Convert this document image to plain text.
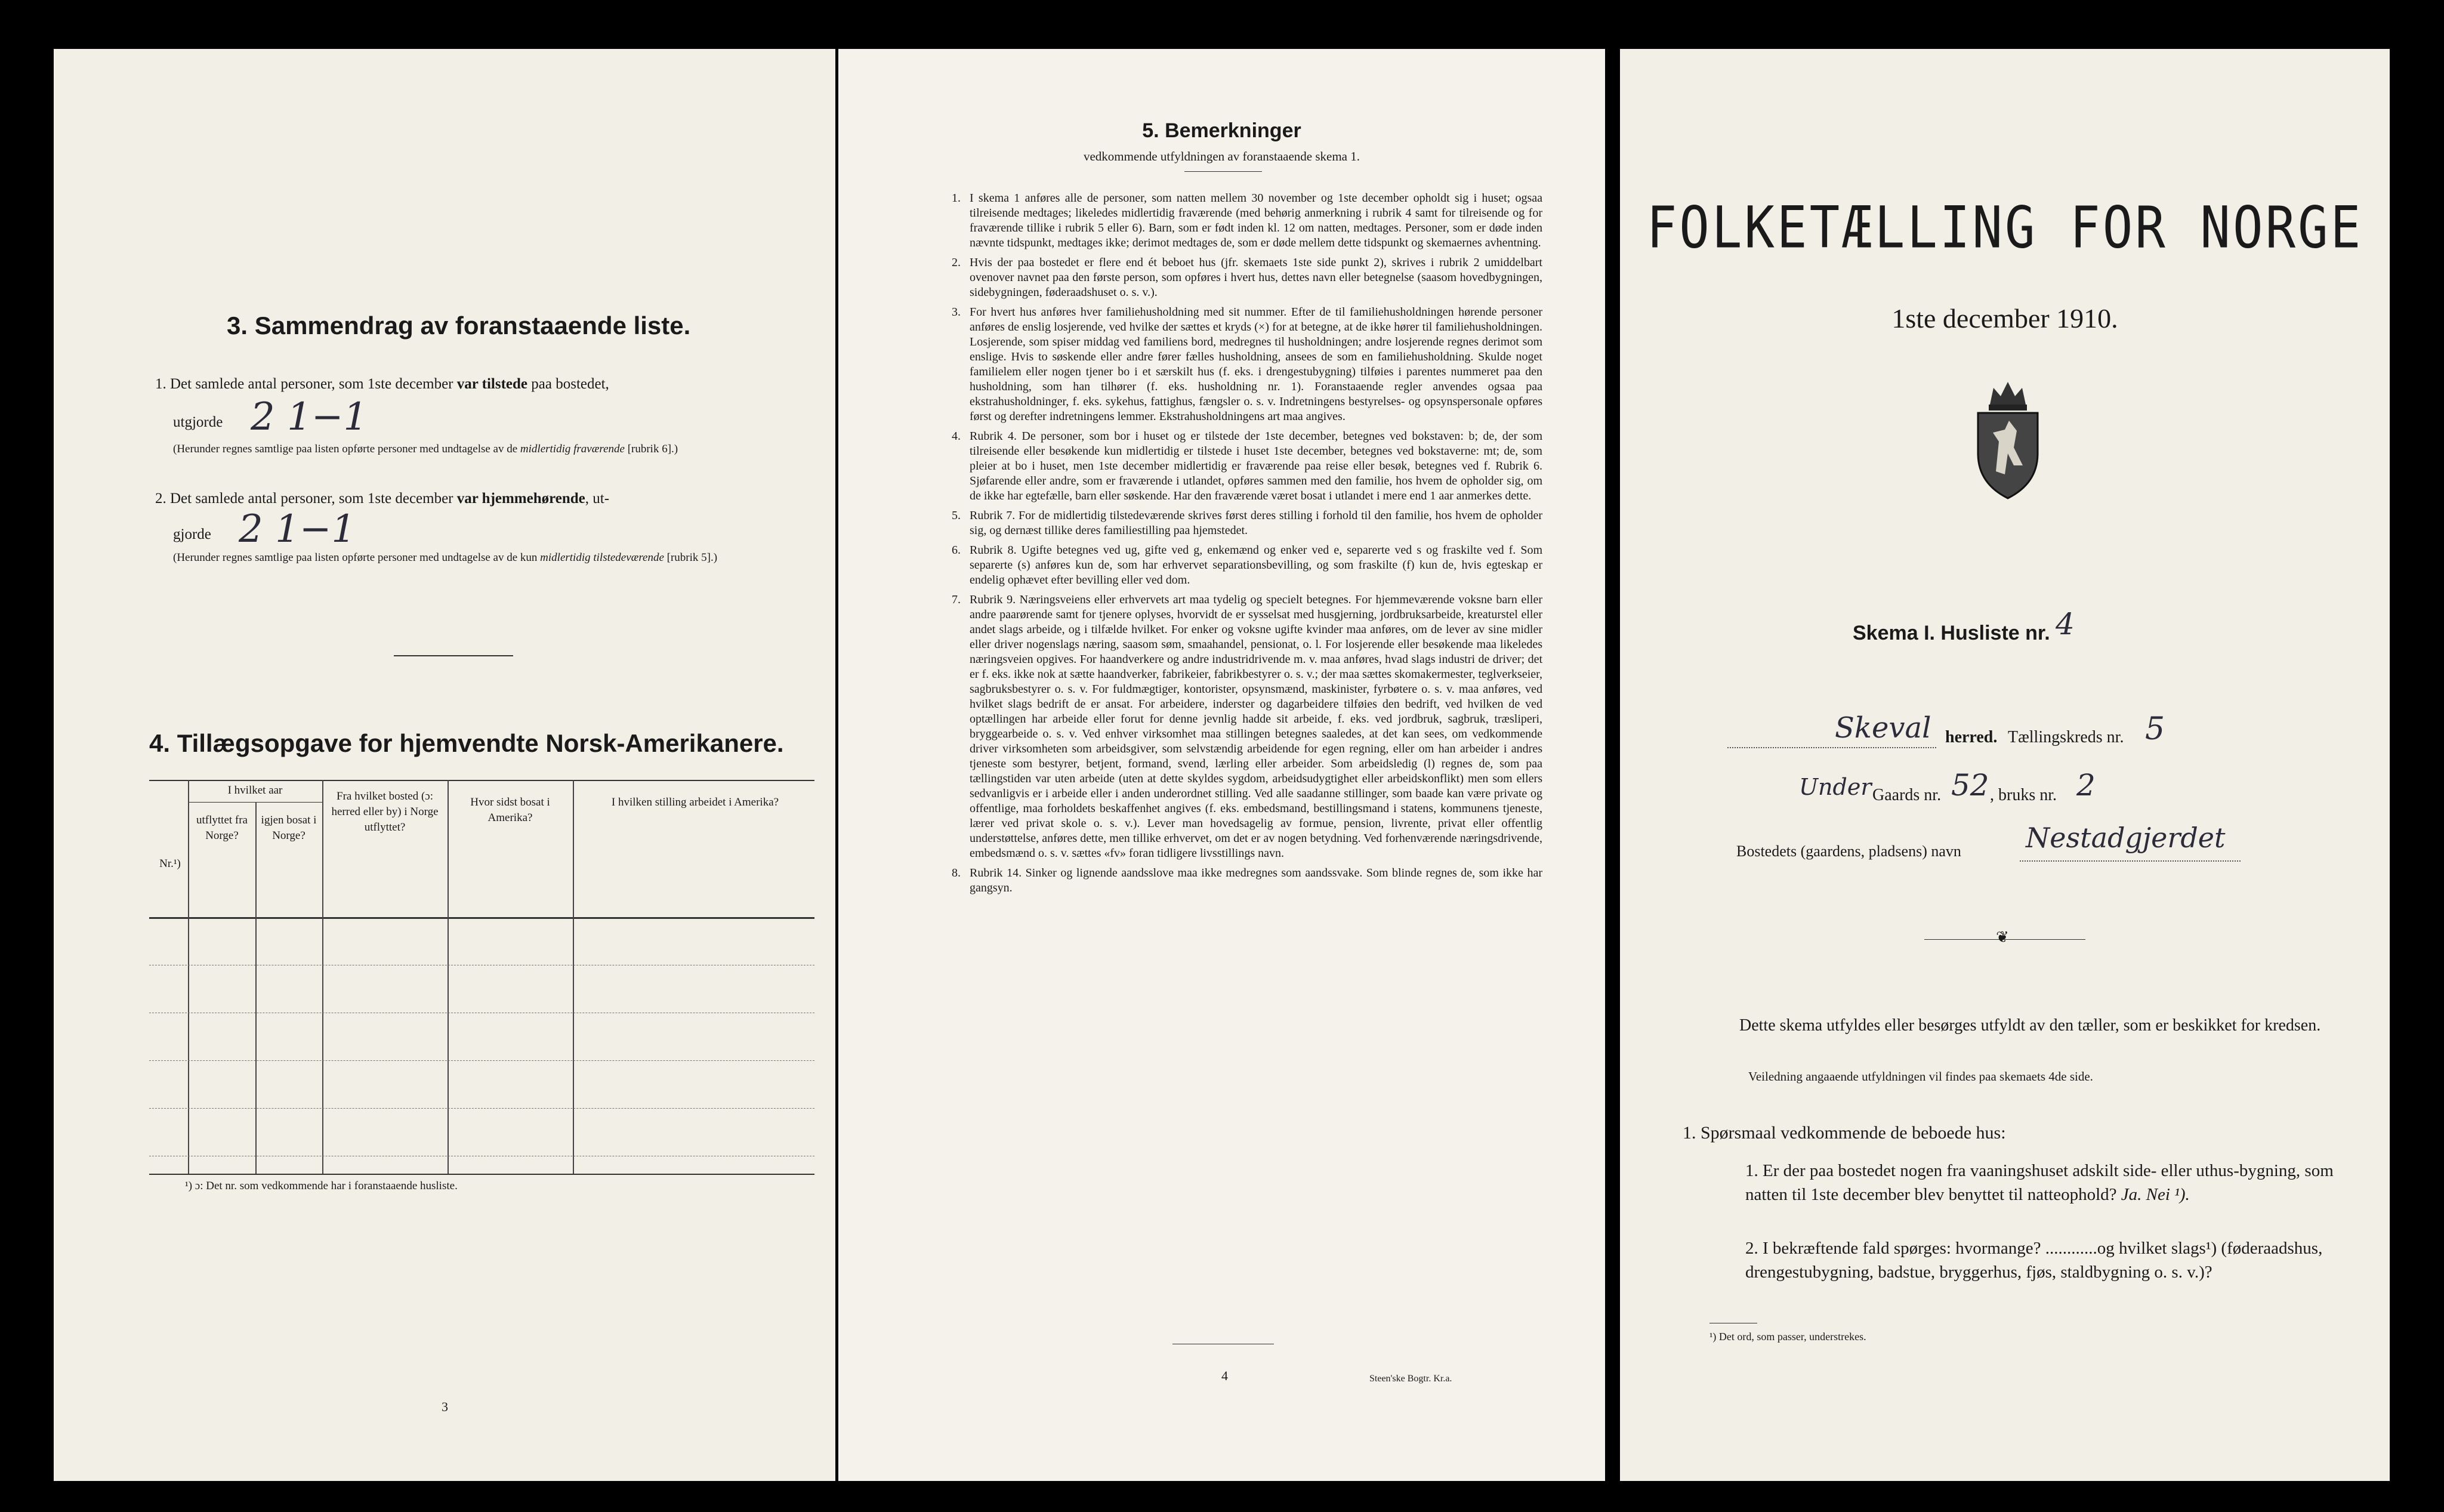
3. Sammendrag av foranstaaende liste.
1. Det samlede antal personer, som 1ste december var tilstede paa bostedet,
utgjorde 2 1−1
(Herunder regnes samtlige paa listen opførte personer med undtagelse av de midlertidig fraværende [rubrik 6].)
2. Det samlede antal personer, som 1ste december var hjemmehørende, ut-
gjorde 2 1−1
(Herunder regnes samtlige paa listen opførte personer med undtagelse av de kun midlertidig tilstedeværende [rubrik 5].)
4. Tillægsopgave for hjemvendte Norsk-Amerikanere.
Nr.¹)
I hvilket aar
utflyttet fra Norge?
igjen bosat i Norge?
Fra hvilket bosted (ɔ: herred eller by) i Norge utflyttet?
Hvor sidst bosat i Amerika?
I hvilken stilling arbeidet i Amerika?
¹) ɔ: Det nr. som vedkommende har i foranstaaende husliste.
3
5. Bemerkninger
vedkommende utfyldningen av foranstaaende skema 1.
1. I skema 1 anføres alle de personer, som natten mellem 30 november og 1ste december opholdt sig i huset; ogsaa tilreisende medtages; likeledes midlertidig fraværende (med behørig anmerkning i rubrik 4 samt for tilreisende og for fraværende tillike i rubrik 5 eller 6). Barn, som er født inden kl. 12 om natten, medtages. Personer, som er døde inden nævnte tidspunkt, medtages ikke; derimot medtages de, som er døde mellem dette tidspunkt og skemaernes avhentning.
2. Hvis der paa bostedet er flere end ét beboet hus (jfr. skemaets 1ste side punkt 2), skrives i rubrik 2 umiddelbart ovenover navnet paa den første person, som opføres i hvert hus, dettes navn eller betegnelse (saasom hovedbygningen, sidebygningen, føderaadshuset o. s. v.).
3. For hvert hus anføres hver familiehusholdning med sit nummer. Efter de til familiehusholdningen hørende personer anføres de enslig losjerende, ved hvilke der sættes et kryds (×) for at betegne, at de ikke hører til familiehusholdningen. Losjerende, som spiser middag ved familiens bord, medregnes til husholdningen; andre losjerende regnes derimot som enslige. Hvis to søskende eller andre fører fælles husholdning, ansees de som en familiehusholdning. Skulde noget familielem eller nogen tjener bo i et særskilt hus (f. eks. i drengestubygning) tilføies i parentes nummeret paa den husholdning, som han tilhører (f. eks. husholdning nr. 1). Foranstaaende regler anvendes ogsaa paa ekstrahusholdninger, f. eks. sykehus, fattighus, fængsler o. s. v. Indretningens bestyrelses- og opsynspersonale opføres først og derefter indretningens lemmer. Ekstrahusholdningens art maa angives.
4. Rubrik 4. De personer, som bor i huset og er tilstede der 1ste december, betegnes ved bokstaven: b; de, der som tilreisende eller besøkende kun midlertidig er tilstede i huset 1ste december, betegnes ved bokstaverne: mt; de, som pleier at bo i huset, men 1ste december midlertidig er fraværende paa reise eller besøk, betegnes ved f. Rubrik 6. Sjøfarende eller andre, som er fraværende i utlandet, opføres sammen med den familie, hos hvem de opholder sig, om de ikke har egtefælle, barn eller søskende. Har den fraværende været bosat i utlandet i mere end 1 aar anmerkes dette.
5. Rubrik 7. For de midlertidig tilstedeværende skrives først deres stilling i forhold til den familie, hos hvem de opholder sig, og dernæst tillike deres familiestilling paa hjemstedet.
6. Rubrik 8. Ugifte betegnes ved ug, gifte ved g, enkemænd og enker ved e, separerte ved s og fraskilte ved f. Som separerte (s) anføres kun de, som har erhvervet separationsbevilling, og som fraskilte (f) kun de, hvis egteskap er endelig ophævet efter bevilling eller ved dom.
7. Rubrik 9. Næringsveiens eller erhvervets art maa tydelig og specielt betegnes. For hjemmeværende voksne barn eller andre paarørende samt for tjenere oplyses, hvorvidt de er sysselsat med husgjerning, jordbruksarbeide, kreaturstel eller andet slags arbeide, og i tilfælde hvilket. For enker og voksne ugifte kvinder maa anføres, om de lever av sine midler eller driver nogenslags næring, saasom søm, smaahandel, pensionat, o. l. For losjerende eller besøkende maa likeledes næringsveien opgives. For haandverkere og andre industridrivende m. v. maa anføres, hvad slags industri de driver; det er f. eks. ikke nok at sætte haandverker, fabrikeier, fabrikbestyrer o. s. v.; der maa sættes skomakermester, teglverkseier, sagbruksbestyrer o. s. v. For fuldmægtiger, kontorister, opsynsmænd, maskinister, fyrbøtere o. s. v. maa anføres, ved hvilket slags bedrift de er ansat. For arbeidere, inderster og dagarbeidere tilføies den bedrift, ved hvilken de ved optællingen har arbeide eller forut for denne jevnlig hadde sit arbeide, f. eks. ved jordbruk, sagbruk, træsliperi, bryggearbeide o. s. v. Ved enhver virksomhet maa stillingen betegnes saaledes, at det kan sees, om vedkommende driver virksomheten som arbeidsgiver, som selvstændig arbeidende for egen regning, eller om han arbeider i andres tjeneste som bestyrer, betjent, formand, svend, lærling eller arbeider. Som arbeidsledig (l) regnes de, som paa tællingstiden var uten arbeide (uten at dette skyldes sygdom, arbeidsudygtighet eller arbeidskonflikt) men som ellers sedvanligvis er i arbeide eller i anden underordnet stilling. Ved alle saadanne stillinger, som baade kan være private og offentlige, maa forholdets beskaffenhet angives (f. eks. embedsmand, bestillingsmand i statens, kommunens tjeneste, lærer ved privat skole o. s. v.). Lever man hovedsagelig av formue, pension, livrente, privat eller offentlig understøttelse, anføres dette, men tillike erhvervet, om det er av nogen betydning. Ved forhenværende næringsdrivende, embedsmænd o. s. v. sættes «fv» foran tidligere livsstillings navn.
8. Rubrik 14. Sinker og lignende aandsslove maa ikke medregnes som aandssvake. Som blinde regnes de, som ikke har gangsyn.
4	Steen'ske Bogtr. Kr.a.
FOLKETÆLLING FOR NORGE
1ste december 1910.
Skema I. Husliste nr. 4
Skeval herred. Tællingskreds nr. 5
Under Gaards nr. 52 , bruks nr. 2
Bostedets (gaardens, pladsens) navn Nestadgjerdet
❦
Dette skema utfyldes eller besørges utfyldt av den tæller, som er beskikket for kredsen.
Veiledning angaaende utfyldningen vil findes paa skemaets 4de side.
1. Spørsmaal vedkommende de beboede hus:
1. Er der paa bostedet nogen fra vaaningshuset adskilt side- eller uthus-bygning, som natten til 1ste december blev benyttet til natteophold? Ja. Nei ¹).
2. I bekræftende fald spørges: hvormange? ............og hvilket slags¹) (føderaadshus, drengestubygning, badstue, bryggerhus, fjøs, staldbygning o. s. v.)?
¹) Det ord, som passer, understrekes.
